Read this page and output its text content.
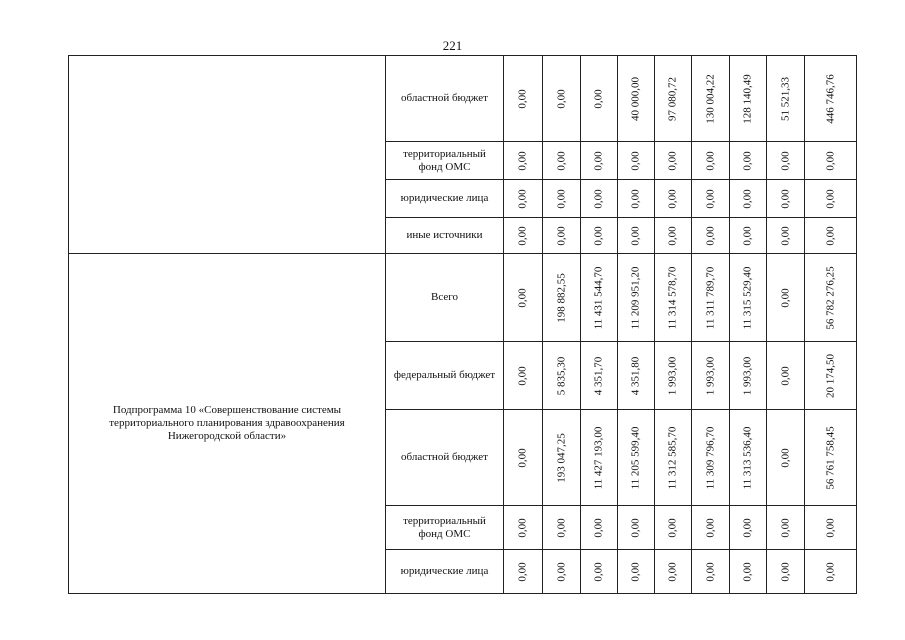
221
	областной бюджет	0,00	0,00	0,00	40 000,00	97 080,72	130 004,22	128 140,49	51 521,33	446 746,76

	территориальный фонд ОМС	0,00	0,00	0,00	0,00	0,00	0,00	0,00	0,00	0,00

	юридические лица	0,00	0,00	0,00	0,00	0,00	0,00	0,00	0,00	0,00

	иные источники	0,00	0,00	0,00	0,00	0,00	0,00	0,00	0,00	0,00

Подпрограмма 10 «Совершенствование системы территориального планирования здравоохранения Нижегородской области»	Всего	0,00	198 882,55	11 431 544,70	11 209 951,20	11 314 578,70	11 311 789,70	11 315 529,40	0,00	56 782 276,25

	федеральный бюджет	0,00	5 835,30	4 351,70	4 351,80	1 993,00	1 993,00	1 993,00	0,00	20 174,50

	областной бюджет	0,00	193 047,25	11 427 193,00	11 205 599,40	11 312 585,70	11 309 796,70	11 313 536,40	0,00	56 761 758,45

	территориальный фонд ОМС	0,00	0,00	0,00	0,00	0,00	0,00	0,00	0,00	0,00

	юридические лица	0,00	0,00	0,00	0,00	0,00	0,00	0,00	0,00	0,00
